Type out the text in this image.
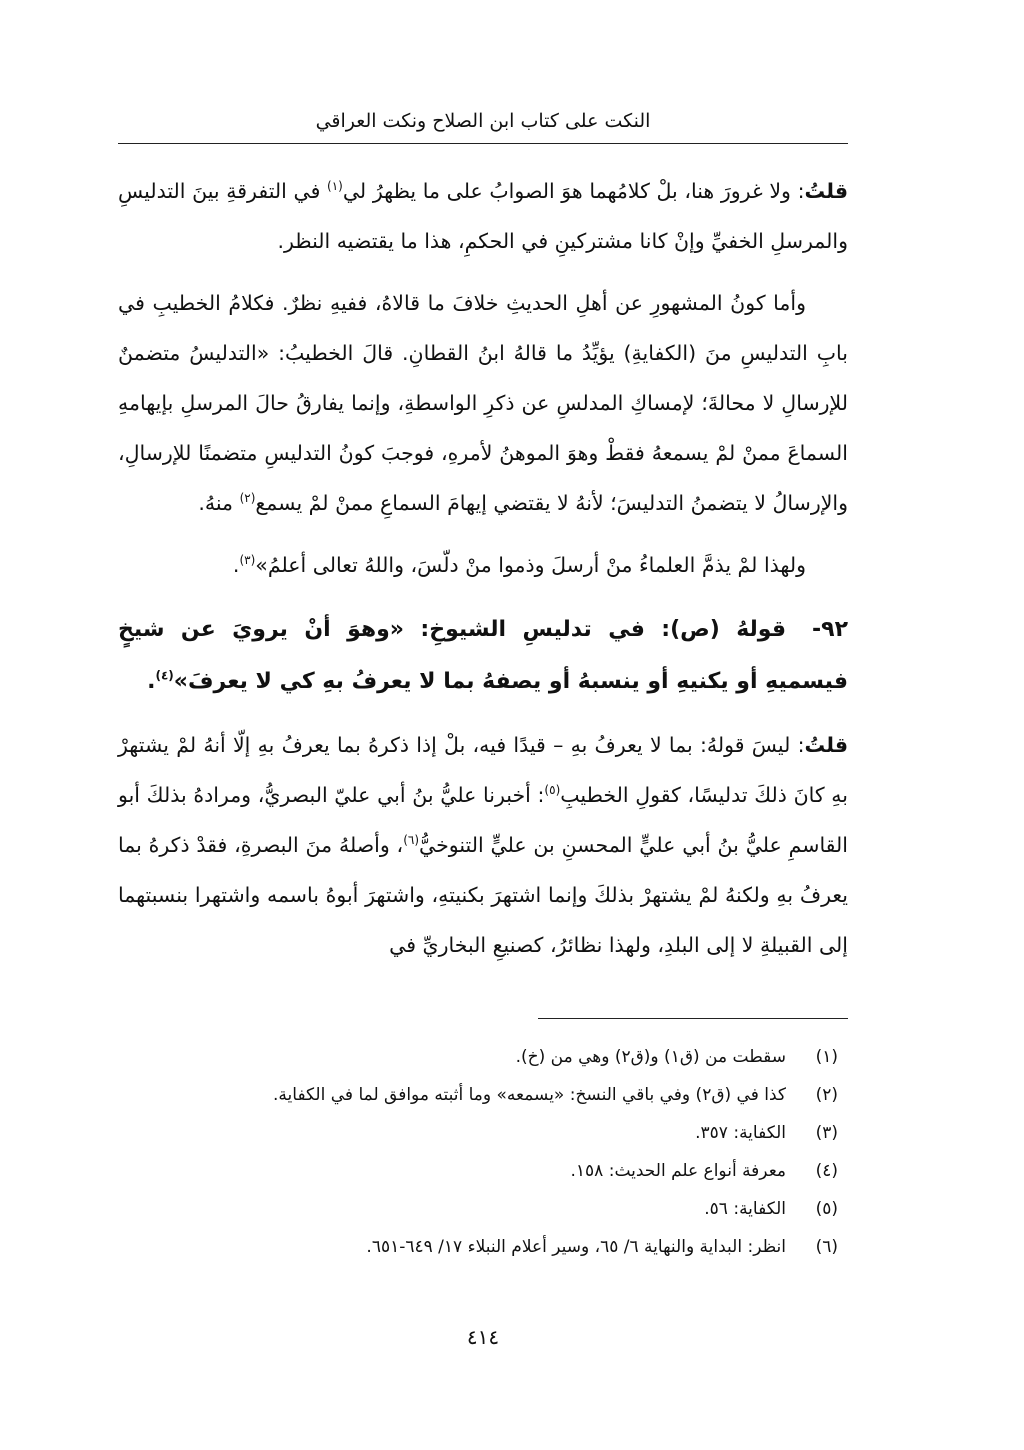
النكت على كتاب ابن الصلاح ونكت العراقي

قلتُ: ولا غرورَ هنا، بلْ كلامُهما هوَ الصوابُ على ما يظهرُ لي$^{(١)}$ في التفرقةِ بينَ التدليسِ والمرسلِ الخفيِّ وإنْ كانا مشتركينِ في الحكمِ، هذا ما يقتضيه النظر.

وأما كونُ المشهورِ عن أهلِ الحديثِ خلافَ ما قالاهُ، ففيهِ نظرٌ. فكلامُ الخطيبِ في بابِ التدليسِ منَ (الكفايةِ) يؤيِّدُ ما قالهُ ابنُ القطانِ. قالَ الخطيبُ: «التدليسُ متضمنٌ للإرسالِ لا محالةَ؛ لإمساكِ المدلسِ عن ذكرِ الواسطةِ، وإنما يفارقُ حالَ المرسلِ بإيهامهِ السماعَ ممنْ لمْ يسمعهُ فقطْ وهوَ الموهنُ لأمرهِ، فوجبَ كونُ التدليسِ متضمنًا للإرسالِ، والإرسالُ لا يتضمنُ التدليسَ؛ لأنهُ لا يقتضي إيهامَ السماعِ ممنْ لمْ يسمع$^{(٢)}$ منهُ.

ولهذا لمْ يذمَّ العلماءُ منْ أرسلَ وذموا منْ دلّسَ، واللهُ تعالى أعلمُ»$^{(٣)}$.

٩٢-قولهُ (ص): في تدليسِ الشيوخِ: «وهوَ أنْ يرويَ عن شيخٍ فيسميهِ أو يكنيهِ أو ينسبهُ أو يصفهُ بما لا يعرفُ بهِ كي لا يعرفَ»$^{(٤)}$.

قلتُ: ليسَ قولهُ: بما لا يعرفُ بهِ – قيدًا فيه، بلْ إذا ذكرهُ بما يعرفُ بهِ إلّا أنهُ لمْ يشتهرْ بهِ كانَ ذلكَ تدليسًا، كقولِ الخطيبِ$^{(٥)}$: أخبرنا عليُّ بنُ أبي عليّ البصريُّ، ومرادهُ بذلكَ أبو القاسمِ عليُّ بنُ أبي عليٍّ المحسنِ بن عليٍّ التنوخيُّ$^{(٦)}$، وأصلهُ منَ البصرةِ، فقدْ ذكرهُ بما يعرفُ بهِ ولكنهُ لمْ يشتهرْ بذلكَ وإنما اشتهرَ بكنيتهِ، واشتهرَ أبوهُ باسمه واشتهرا بنسبتهما إلى القبيلةِ لا إلى البلدِ، ولهذا نظائرُ، كصنيعِ البخاريِّ في

(١)
سقطت من (ق١) و(ق٢) وهي من (خ).
(٢)
كذا في (ق٢) وفي باقي النسخ: «يسمعه» وما أثبته موافق لما في الكفاية.
(٣)
الكفاية: ٣٥٧.
(٤)
معرفة أنواع علم الحديث: ١٥٨.
(٥)
الكفاية: ٥٦.
(٦)
انظر: البداية والنهاية ٦/ ٦٥، وسير أعلام النبلاء ١٧/ ٦٤٩-٦٥١.
٤١٤
